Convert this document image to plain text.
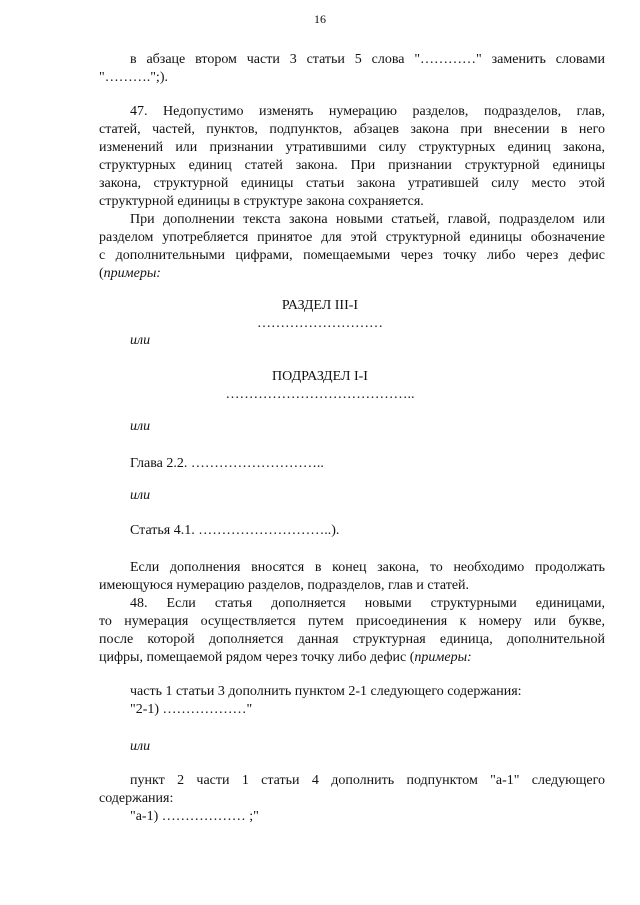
16
в абзаце втором части 3 статьи 5 слова "…………" заменить словами
"……….";).
47. Недопустимо изменять нумерацию разделов, подразделов, глав,
статей, частей, пунктов, подпунктов, абзацев закона при внесении в него
изменений или признании утратившими силу структурных единиц закона,
структурных единиц статей закона. При признании структурной единицы
закона, структурной единицы статьи закона утратившей силу место этой
структурной единицы в структуре закона сохраняется.
При дополнении текста закона новыми статьей, главой, подразделом или
разделом употребляется принятое для этой структурной единицы обозначение
с дополнительными цифрами, помещаемыми через точку либо через дефис
(примеры:
РАЗДЕЛ III-I
………………………
или
ПОДРАЗДЕЛ I-I
…………………………………..
или
Глава 2.2. ………………………..
или
Статья 4.1. ………………………..).
Если дополнения вносятся в конец закона, то необходимо продолжать
имеющуюся нумерацию разделов, подразделов, глав и статей.
48. Если статья дополняется новыми структурными единицами,
то нумерация осуществляется путем присоединения к номеру или букве,
после которой дополняется данная структурная единица, дополнительной
цифры, помещаемой рядом через точку либо дефис (примеры:
часть 1 статьи 3 дополнить пунктом 2-1 следующего содержания:
"2-1) ………………"
или
пункт 2 части 1 статьи 4 дополнить подпунктом "а-1" следующего
содержания:
"а-1) ……………… ;"
